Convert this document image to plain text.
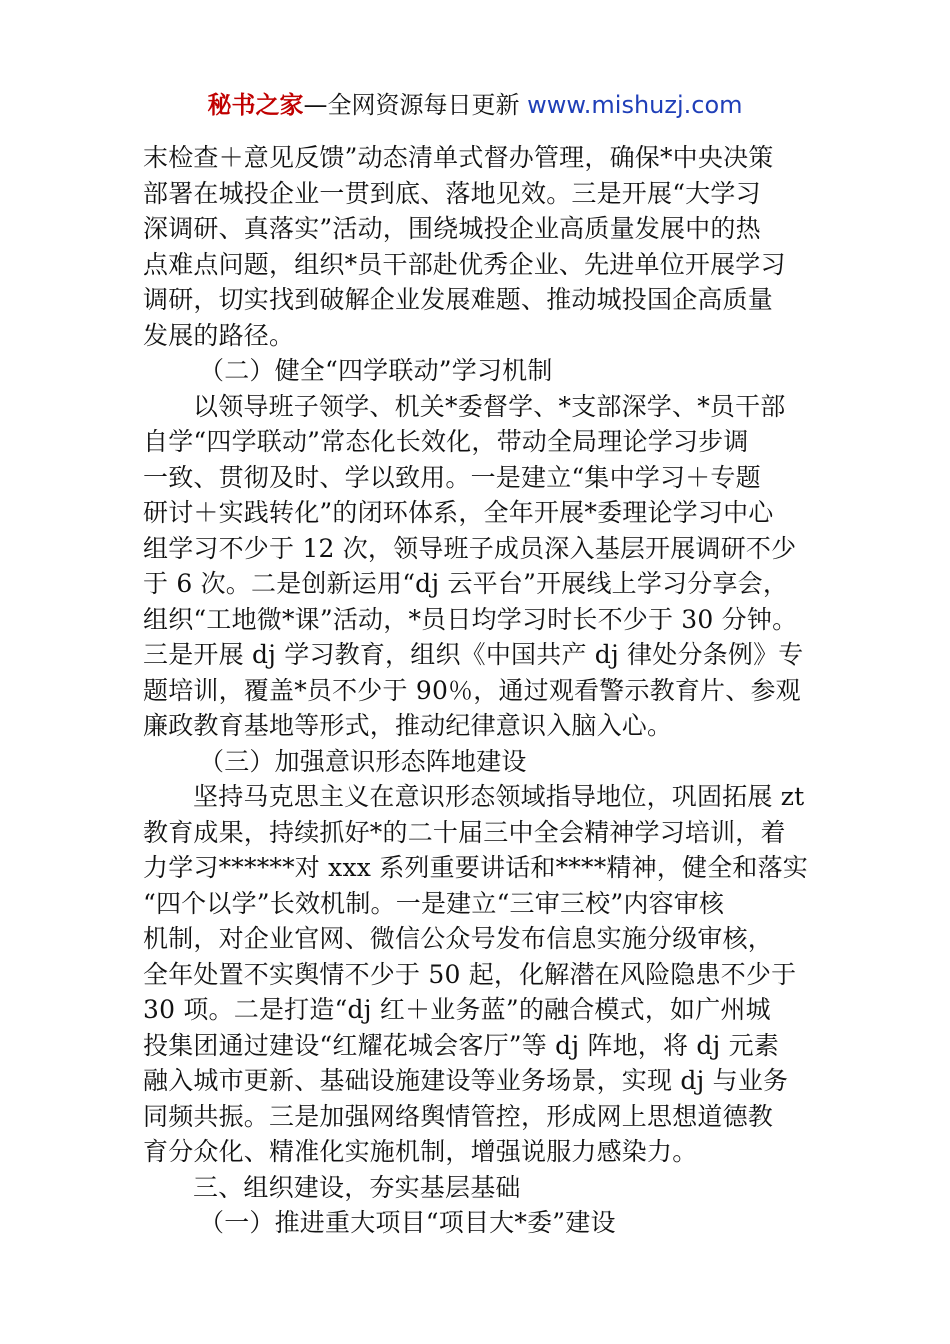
秘书之家—全网资源每日更新 www.mishuzj.com
末检查＋意见反馈”动态清单式督办管理，确保*中央决策
部署在城投企业一贯到底、落地见效。三是开展“大学习
深调研、真落实”活动，围绕城投企业高质量发展中的热
点难点问题，组织*员干部赴优秀企业、先进单位开展学习
调研，切实找到破解企业发展难题、推动城投国企高质量
发展的路径。
（二）健全“四学联动”学习机制
以领导班子领学、机关*委督学、*支部深学、*员干部
自学“四学联动”常态化长效化，带动全局理论学习步调
一致、贯彻及时、学以致用。一是建立“集中学习＋专题
研讨＋实践转化”的闭环体系，全年开展*委理论学习中心
组学习不少于 12 次，领导班子成员深入基层开展调研不少
于 6 次。二是创新运用“dj 云平台”开展线上学习分享会，
组织“工地微*课”活动，*员日均学习时长不少于 30 分钟。
三是开展 dj 学习教育，组织《中国共产 dj 律处分条例》专
题培训，覆盖*员不少于 90％，通过观看警示教育片、参观
廉政教育基地等形式，推动纪律意识入脑入心。
（三）加强意识形态阵地建设
坚持马克思主义在意识形态领域指导地位，巩固拓展 zt
教育成果，持续抓好*的二十届三中全会精神学习培训，着
力学习******对 xxx 系列重要讲话和****精神，健全和落实
“四个以学”长效机制。一是建立“三审三校”内容审核
机制，对企业官网、微信公众号发布信息实施分级审核，
全年处置不实舆情不少于 50 起，化解潜在风险隐患不少于
30 项。二是打造“dj 红＋业务蓝”的融合模式，如广州城
投集团通过建设“红耀花城会客厅”等 dj 阵地，将 dj 元素
融入城市更新、基础设施建设等业务场景，实现 dj 与业务
同频共振。三是加强网络舆情管控，形成网上思想道德教
育分众化、精准化实施机制，增强说服力感染力。
三、组织建设，夯实基层基础
（一）推进重大项目“项目大*委”建设
